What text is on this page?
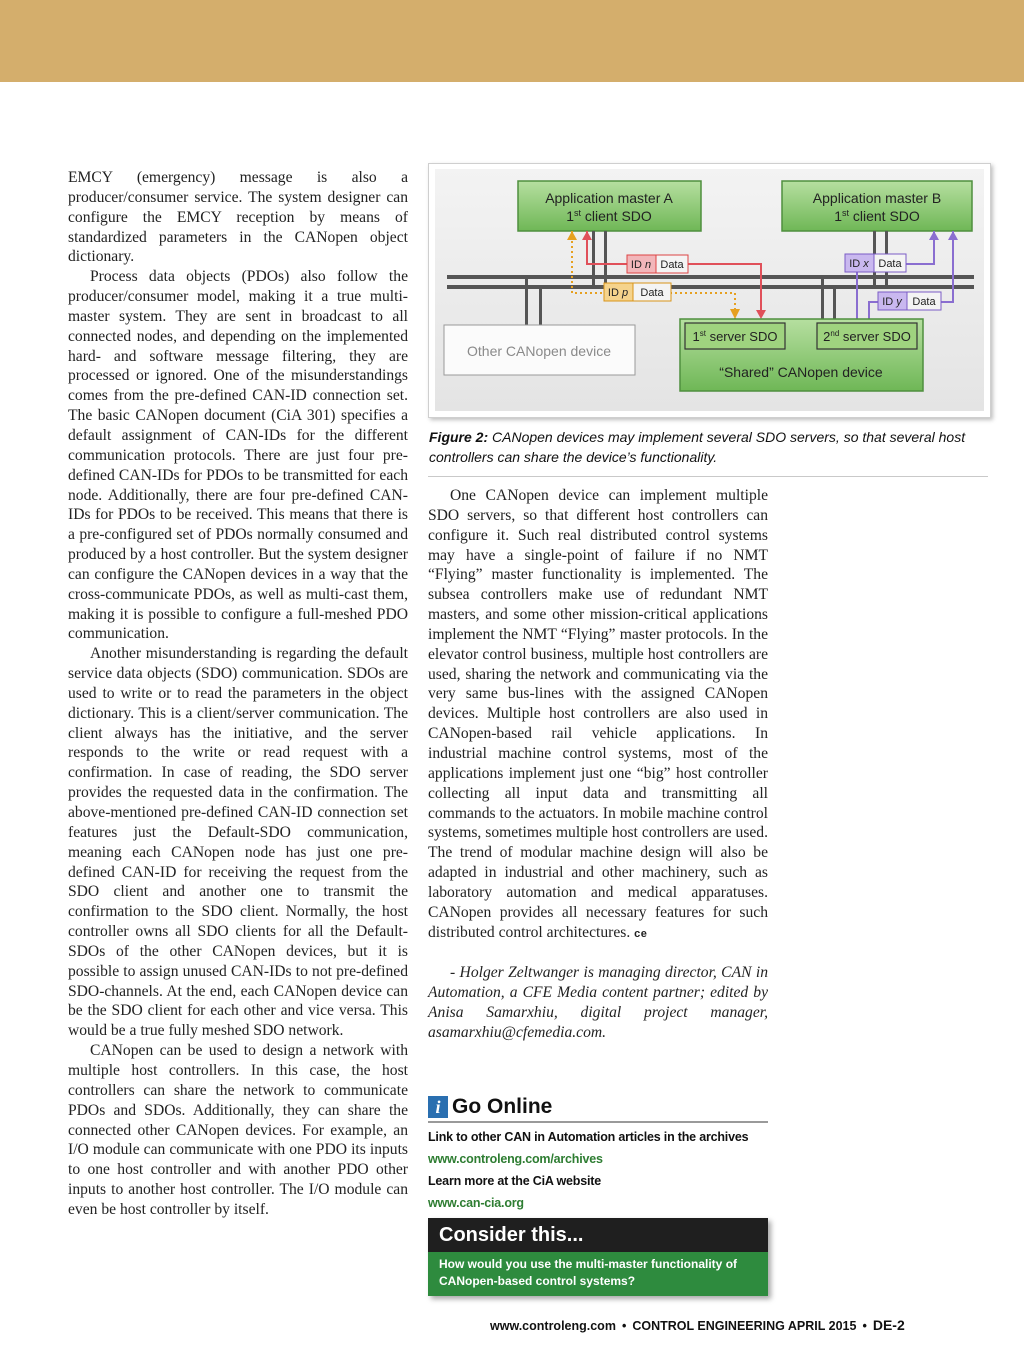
EMCY (emergency) message is also a producer/consumer service. The system designer can configure the EMCY reception by means of standardized parameters in the CANopen object dictionary.

Process data objects (PDOs) also follow the producer/consumer model, making it a true multi-master system. They are sent in broadcast to all connected nodes, and depending on the implemented hard- and software message filtering, they are processed or ignored. One of the misunderstandings comes from the pre-defined CAN-ID connection set. The basic CANopen document (CiA 301) specifies a default assignment of CAN-IDs for the different communication protocols. There are just four pre-defined CAN-IDs for PDOs to be transmitted for each node. Additionally, there are four pre-defined CAN-IDs for PDOs to be received. This means that there is a pre-configured set of PDOs normally consumed and produced by a host controller. But the system designer can configure the CANopen devices in a way that the cross-communicate PDOs, as well as multi-cast them, making it is possible to configure a full-meshed PDO communication.

Another misunderstanding is regarding the default service data objects (SDO) communication. SDOs are used to write or to read the parameters in the object dictionary. This is a client/server communication. The client always has the initiative, and the server responds to the write or read request with a confirmation. In case of reading, the SDO server provides the requested data in the confirmation. The above-mentioned pre-defined CAN-ID connection set features just the Default-SDO communication, meaning each CANopen node has just one pre-defined CAN-ID for receiving the request from the SDO client and another one to transmit the confirmation to the SDO client. Normally, the host controller owns all SDO clients for all the Default-SDOs of the other CANopen devices, but it is possible to assign unused CAN-IDs to not pre-defined SDO-channels. At the end, each CANopen device can be the SDO client for each other and vice versa. This would be a true fully meshed SDO network.

CANopen can be used to design a network with multiple host controllers. In this case, the host controllers can share the network to communicate PDOs and SDOs. Additionally, they can share the connected other CANopen devices. For example, an I/O module can communicate with one PDO its inputs to one host controller and with another PDO other inputs to another host controller. The I/O module can even be host controller by itself.

Application master A
1st client SDO
Application master B
1st client SDO
ID n Data
ID p Data
ID x Data
ID y Data
Other CANopen device
1st server SDO	2nd server SDO
“Shared” CANopen device
Figure 2: CANopen devices may implement several SDO servers, so that several host controllers can share the device’s functionality.

One CANopen device can implement multiple SDO servers, so that different host controllers can configure it. Such real distributed control systems may have a single-point of failure if no NMT “Flying” master functionality is implemented. The subsea controllers make use of redundant NMT masters, and some other mission-critical applications implement the NMT “Flying” master protocols. In the elevator control business, multiple host controllers are used, sharing the network and communicating via the very same bus-lines with the assigned CANopen devices. Multiple host controllers are also used in CANopen-based rail vehicle applications. In industrial machine control systems, most of the applications implement just one “big” host controller collecting all input data and transmitting all commands to the actuators. In mobile machine control systems, sometimes multiple host controllers are used. The trend of modular machine design will also be adapted in industrial and other machinery, such as laboratory automation and medical apparatuses. CANopen provides all necessary features for such distributed control architectures. ce

- Holger Zeltwanger is managing director, CAN in Automation, a CFE Media content partner; edited by Anisa Samarxhiu, digital project manager, asamarxhiu@cfemedia.com.

i Go Online
Link to other CAN in Automation articles in the archives
www.controleng.com/archives
Learn more at the CiA website
www.can-cia.org
Consider this...
How would you use the multi-master functionality of CANopen-based control systems?
www.controleng.com • CONTROL ENGINEERING APRIL 2015 • DE-2
